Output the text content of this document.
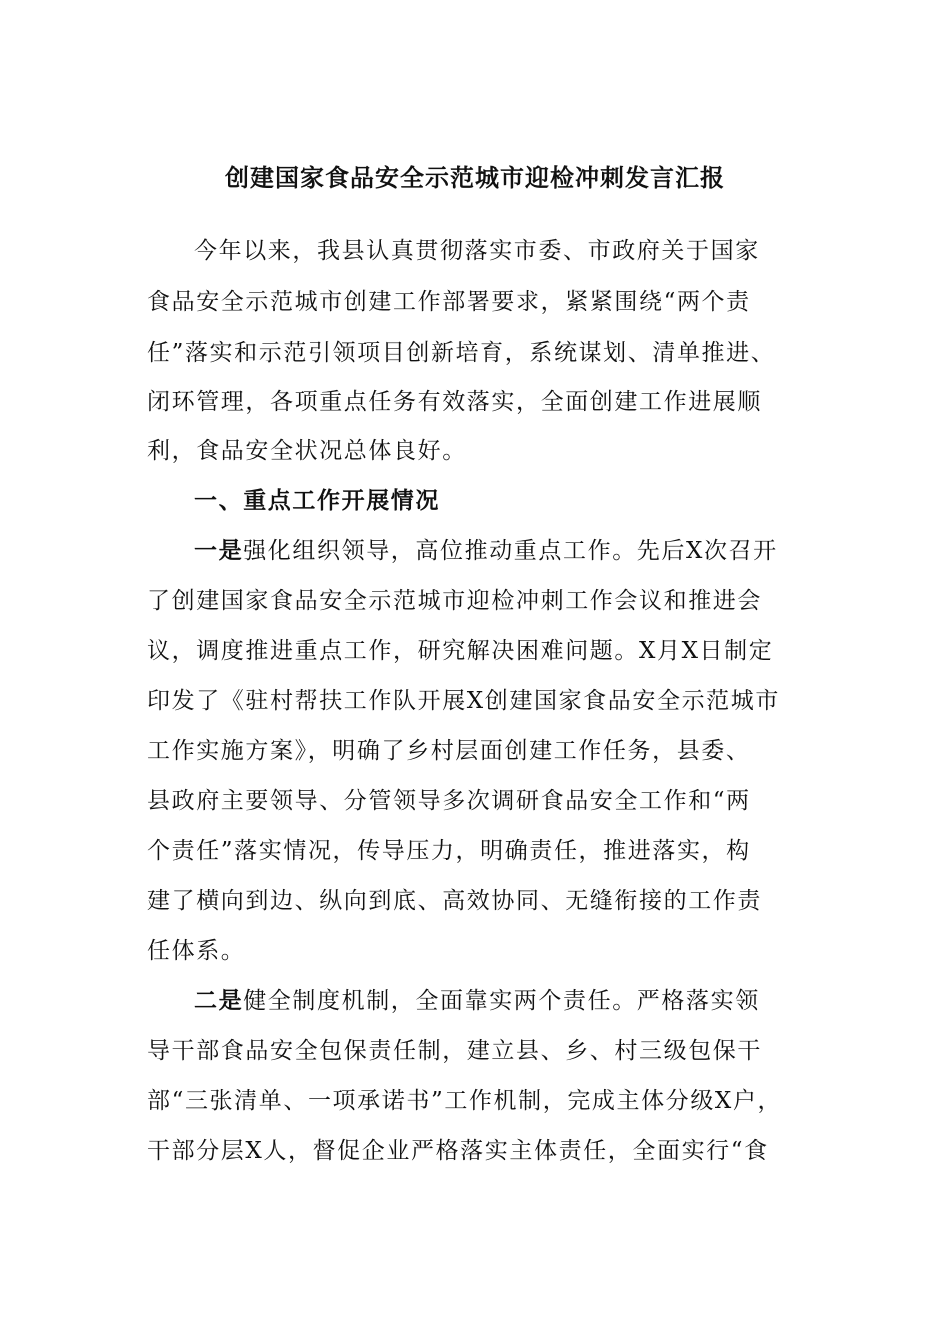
创建国家食品安全示范城市迎检冲刺发言汇报
今年以来，我县认真贯彻落实市委、市政府关于国家
食品安全示范城市创建工作部署要求，紧紧围绕“两个责
任”落实和示范引领项目创新培育，系统谋划、清单推进、
闭环管理，各项重点任务有效落实，全面创建工作进展顺
利，食品安全状况总体良好。
一、重点工作开展情况
一是强化组织领导，高位推动重点工作。先后X次召开
了创建国家食品安全示范城市迎检冲刺工作会议和推进会
议，调度推进重点工作，研究解决困难问题。X月X日制定
印发了《驻村帮扶工作队开展X创建国家食品安全示范城市
工作实施方案》，明确了乡村层面创建工作任务，县委、
县政府主要领导、分管领导多次调研食品安全工作和“两
个责任”落实情况，传导压力，明确责任，推进落实，构
建了横向到边、纵向到底、高效协同、无缝衔接的工作责
任体系。
二是健全制度机制，全面靠实两个责任。严格落实领
导干部食品安全包保责任制，建立县、乡、村三级包保干
部“三张清单、一项承诺书”工作机制，完成主体分级X户，
干部分层X人，督促企业严格落实主体责任，全面实行“食
